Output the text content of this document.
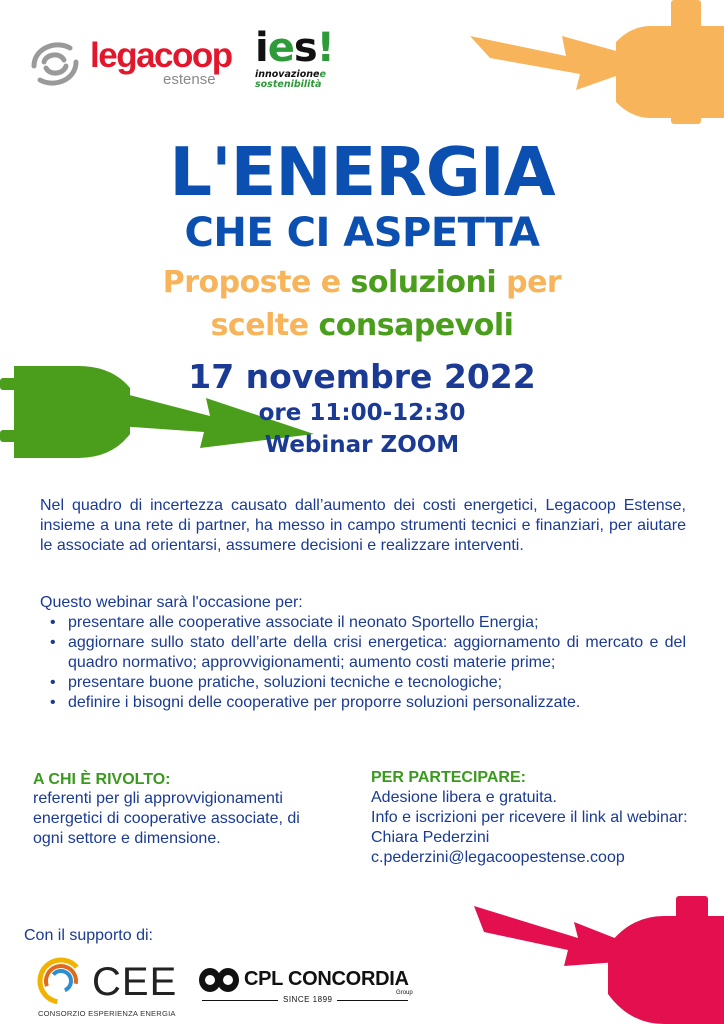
legacoop
estense
ies!
innovazionee
sostenibilità
L'ENERGIA
CHE CI ASPETTA
Proposte e soluzioni per
scelte consapevoli
17 novembre 2022
ore 11:00-12:30
Webinar ZOOM
Nel quadro di incertezza causato dall’aumento dei costi energetici, Legacoop Estense, insieme a una rete di partner, ha messo in campo strumenti tecnici e finanziari, per aiutare le associate ad orientarsi, assumere decisioni e realizzare interventi.
Questo webinar sarà l'occasione per:
• presentare alle cooperative associate il neonato Sportello Energia;
• aggiornare sullo stato dell’arte della crisi energetica: aggiornamento di mercato e del quadro normativo; approvvigionamenti; aumento costi materie prime;
• presentare buone pratiche, soluzioni tecniche e tecnologiche;
• definire i bisogni delle cooperative per proporre soluzioni personalizzate.
A CHI È RIVOLTO:
referenti per gli approvvigionamenti energetici di cooperative associate, di ogni settore e dimensione.
PER PARTECIPARE:
Adesione libera e gratuita.
Info e iscrizioni per ricevere il link al webinar: Chiara Pederzini
c.pederzini@legacoopestense.coop
Con il supporto di:
CEE
CONSORZIO ESPERIENZA ENERGIA
CPL CONCORDIA
Group
SINCE 1899
